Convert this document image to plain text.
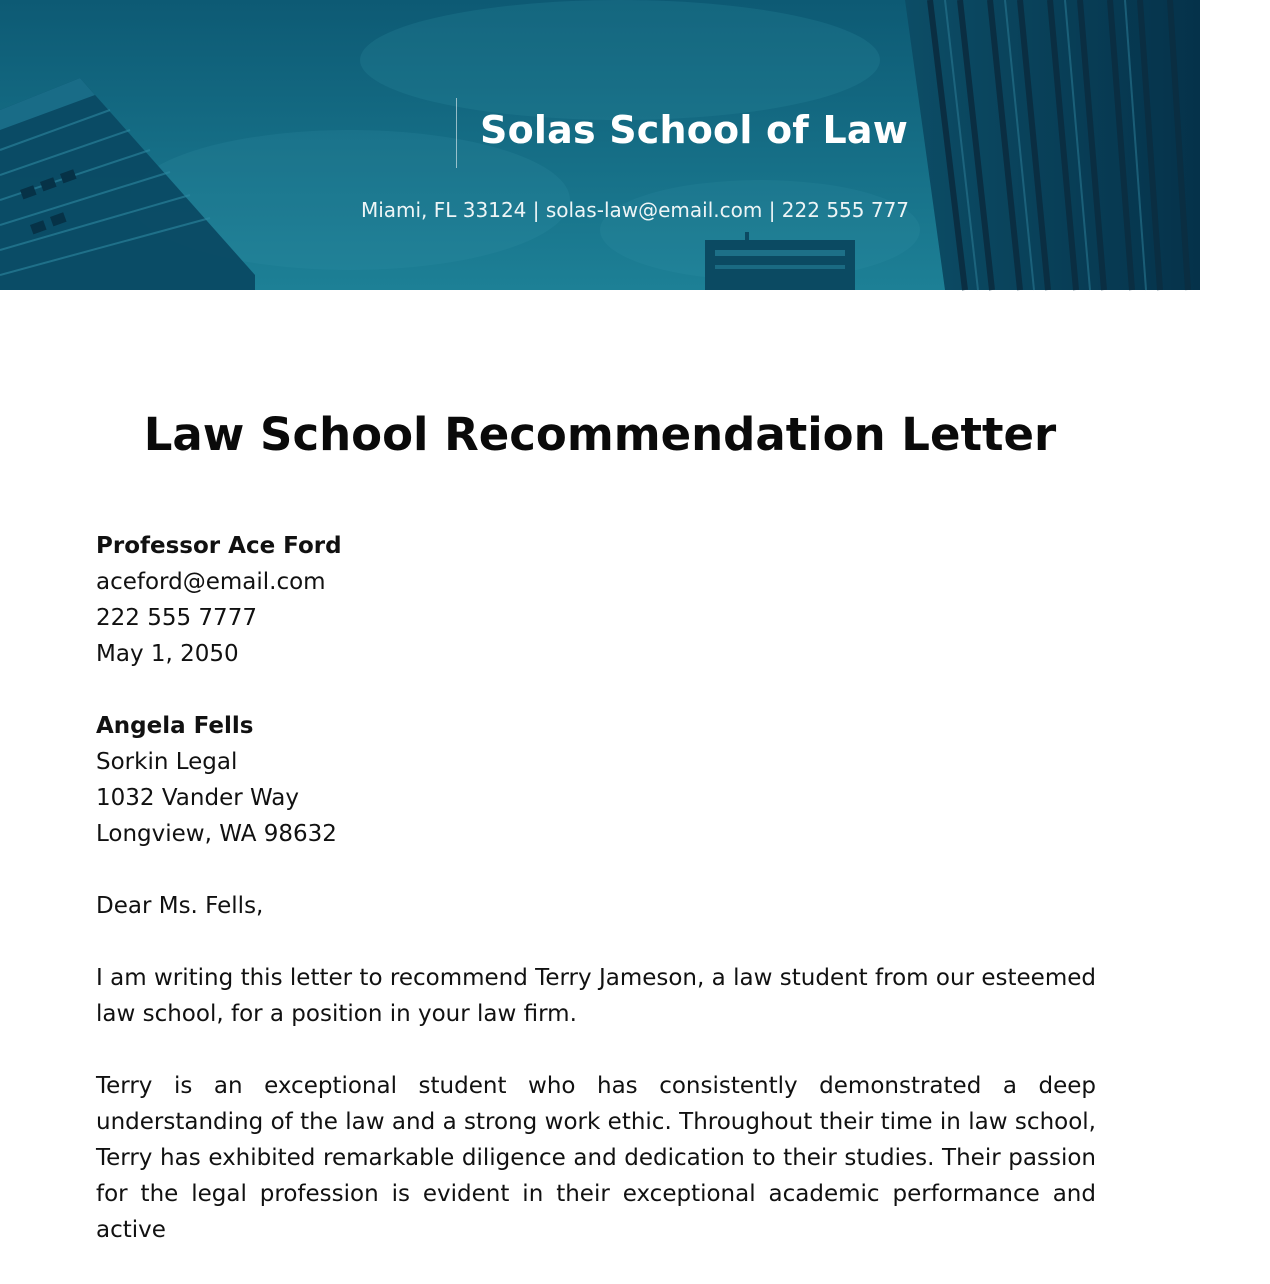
Solas School of Law
Miami, FL 33124 | solas-law@email.com | 222 555 777
Law School Recommendation Letter
Professor Ace Ford
aceford@email.com
222 555 7777
May 1, 2050
Angela Fells
Sorkin Legal
1032 Vander Way
Longview, WA 98632

Dear Ms. Fells,

I am writing this letter to recommend Terry Jameson, a law student from our esteemed law school, for a position in your law firm.

Terry is an exceptional student who has consistently demonstrated a deep understanding of the law and a strong work ethic. Throughout their time in law school, Terry has exhibited remarkable diligence and dedication to their studies. Their passion for the legal profession is evident in their exceptional academic performance and active
